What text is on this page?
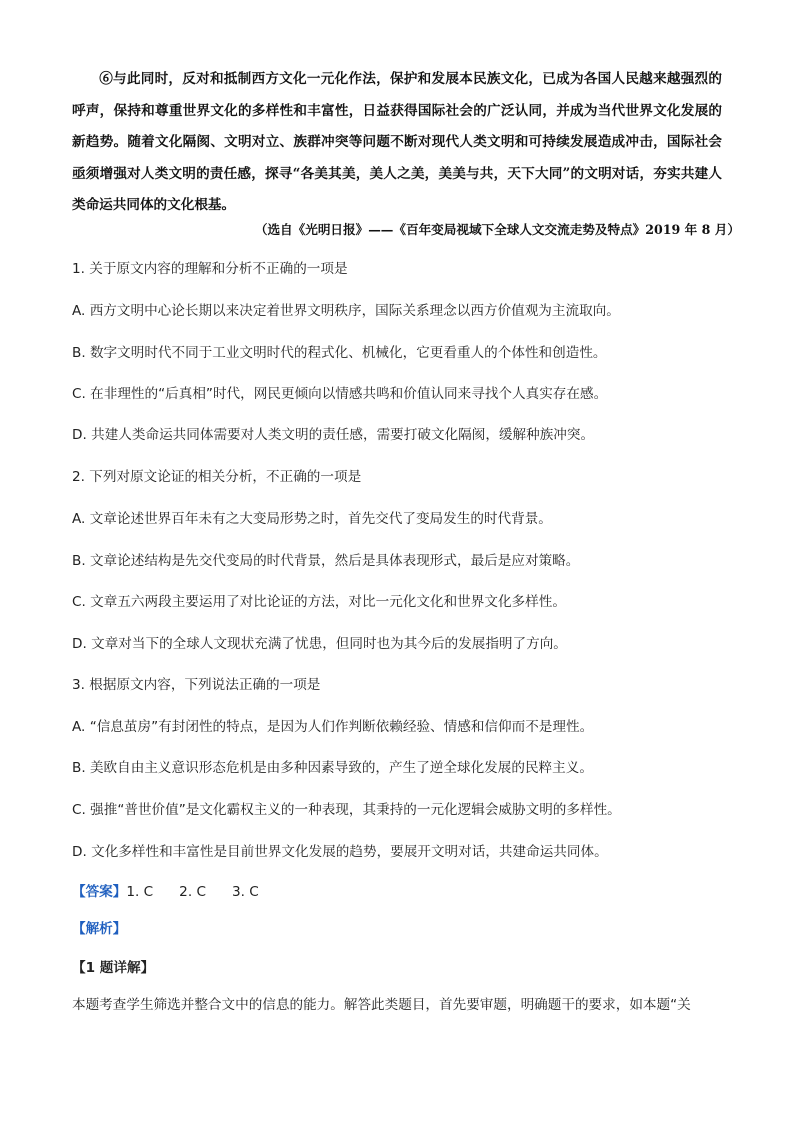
⑥与此同时，反对和抵制西方文化一元化作法，保护和发展本民族文化，已成为各国人民越来越强烈的呼声，保持和尊重世界文化的多样性和丰富性，日益获得国际社会的广泛认同，并成为当代世界文化发展的新趋势。随着文化隔阂、文明对立、族群冲突等问题不断对现代人类文明和可持续发展造成冲击，国际社会亟须增强对人类文明的责任感，探寻“各美其美，美人之美，美美与共，天下大同”的文明对话，夯实共建人类命运共同体的文化根基。

（选自《光明日报》——《百年变局视域下全球人文交流走势及特点》2019 年 8 月）
1. 关于原文内容的理解和分析不正确的一项是
A. 西方文明中心论长期以来决定着世界文明秩序，国际关系理念以西方价值观为主流取向。
B. 数字文明时代不同于工业文明时代的程式化、机械化，它更看重人的个体性和创造性。
C. 在非理性的“后真相”时代，网民更倾向以情感共鸣和价值认同来寻找个人真实存在感。
D. 共建人类命运共同体需要对人类文明的责任感，需要打破文化隔阂，缓解种族冲突。
2. 下列对原文论证的相关分析，不正确的一项是
A. 文章论述世界百年未有之大变局形势之时，首先交代了变局发生的时代背景。
B. 文章论述结构是先交代变局的时代背景，然后是具体表现形式，最后是应对策略。
C. 文章五六两段主要运用了对比论证的方法，对比一元化文化和世界文化多样性。
D. 文章对当下的全球人文现状充满了忧患，但同时也为其今后的发展指明了方向。
3. 根据原文内容，下列说法正确的一项是
A. “信息茧房”有封闭性的特点，是因为人们作判断依赖经验、情感和信仰而不是理性。
B. 美欧自由主义意识形态危机是由多种因素导致的，产生了逆全球化发展的民粹主义。
C. 强推“普世价值”是文化霸权主义的一种表现，其秉持的一元化逻辑会威胁文明的多样性。
D. 文化多样性和丰富性是目前世界文化发展的趋势，要展开文明对话，共建命运共同体。
【答案】1. C 2. C 3. C
【解析】
【1 题详解】
本题考查学生筛选并整合文中的信息的能力。解答此类题目，首先要审题，明确题干的要求，如本题“关
